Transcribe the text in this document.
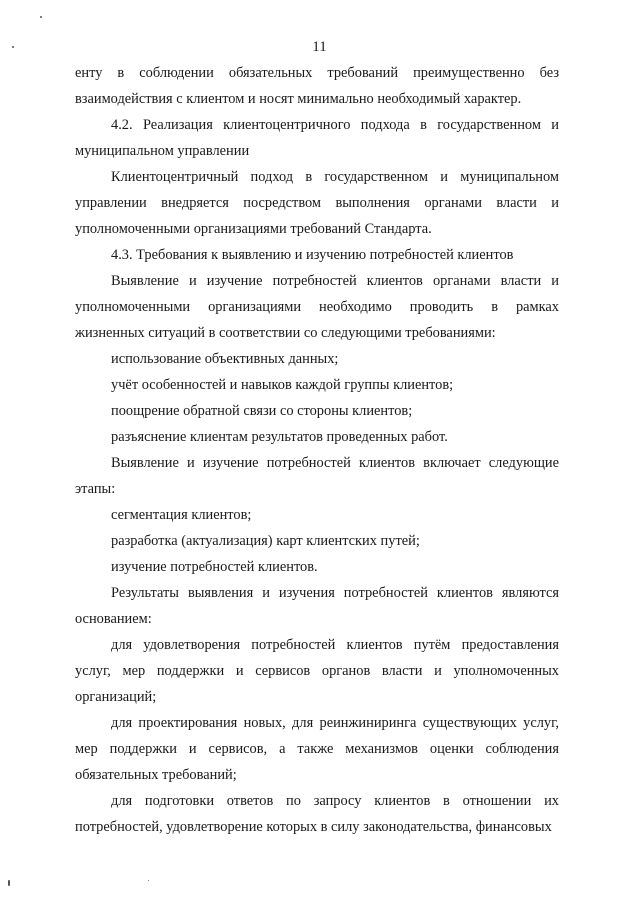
11

енту в соблюдении обязательных требований преимущественно без взаимодействия с клиентом и носят минимально необходимый характер.

4.2. Реализация клиентоцентричного подхода в государственном и муниципальном управлении

Клиентоцентричный подход в государственном и муниципальном управлении внедряется посредством выполнения органами власти и уполномоченными организациями требований Стандарта.

4.3. Требования к выявлению и изучению потребностей клиентов

Выявление и изучение потребностей клиентов органами власти и уполномоченными организациями необходимо проводить в рамках жизненных ситуаций в соответствии со следующими требованиями:

использование объективных данных;

учёт особенностей и навыков каждой группы клиентов;

поощрение обратной связи со стороны клиентов;

разъяснение клиентам результатов проведенных работ.

Выявление и изучение потребностей клиентов включает следующие этапы:

сегментация клиентов;

разработка (актуализация) карт клиентских путей;

изучение потребностей клиентов.

Результаты выявления и изучения потребностей клиентов являются основанием:

для удовлетворения потребностей клиентов путём предоставления услуг, мер поддержки и сервисов органов власти и уполномоченных организаций;

для проектирования новых, для реинжиниринга существующих услуг, мер поддержки и сервисов, а также механизмов оценки соблюдения обязательных требований;

для подготовки ответов по запросу клиентов в отношении их потребностей, удовлетворение которых в силу законодательства, финансовых
